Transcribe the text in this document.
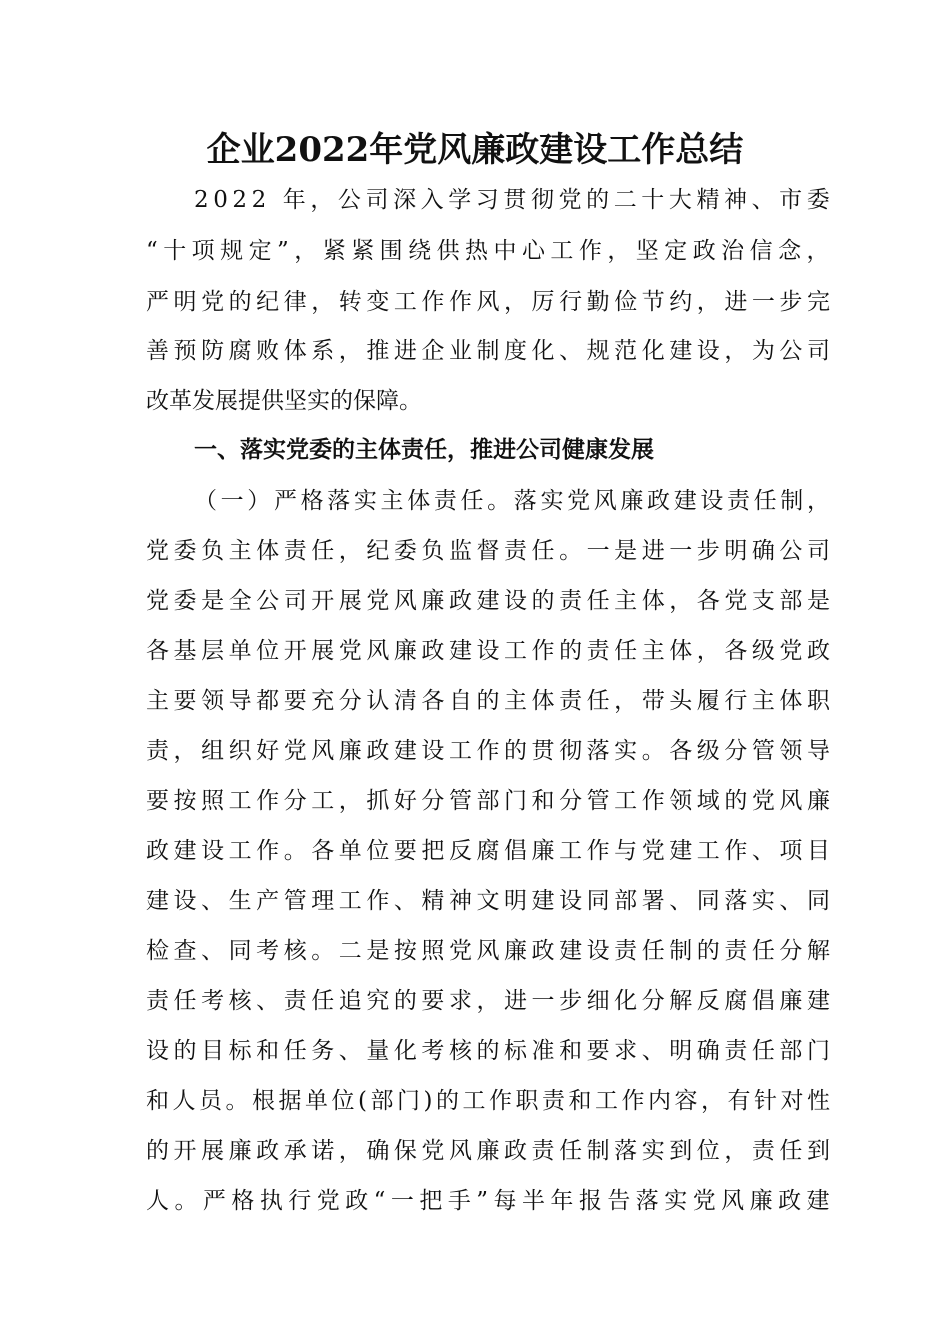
企业2022年党风廉政建设工作总结
2022 年，公司深入学习贯彻党的二十大精神、市委
“十项规定”，紧紧围绕供热中心工作，坚定政治信念，
严明党的纪律，转变工作作风，厉行勤俭节约，进一步完
善预防腐败体系，推进企业制度化、规范化建设，为公司
改革发展提供坚实的保障。
一、落实党委的主体责任，推进公司健康发展
（一）严格落实主体责任。落实党风廉政建设责任制，
党委负主体责任，纪委负监督责任。一是进一步明确公司
党委是全公司开展党风廉政建设的责任主体，各党支部是
各基层单位开展党风廉政建设工作的责任主体，各级党政
主要领导都要充分认清各自的主体责任，带头履行主体职
责，组织好党风廉政建设工作的贯彻落实。各级分管领导
要按照工作分工，抓好分管部门和分管工作领域的党风廉
政建设工作。各单位要把反腐倡廉工作与党建工作、项目
建设、生产管理工作、精神文明建设同部署、同落实、同
检查、同考核。二是按照党风廉政建设责任制的责任分解
责任考核、责任追究的要求，进一步细化分解反腐倡廉建
设的目标和任务、量化考核的标准和要求、明确责任部门
和人员。根据单位(部门)的工作职责和工作内容，有针对性
的开展廉政承诺，确保党风廉政责任制落实到位，责任到
人。严格执行党政“一把手”每半年报告落实党风廉政建
